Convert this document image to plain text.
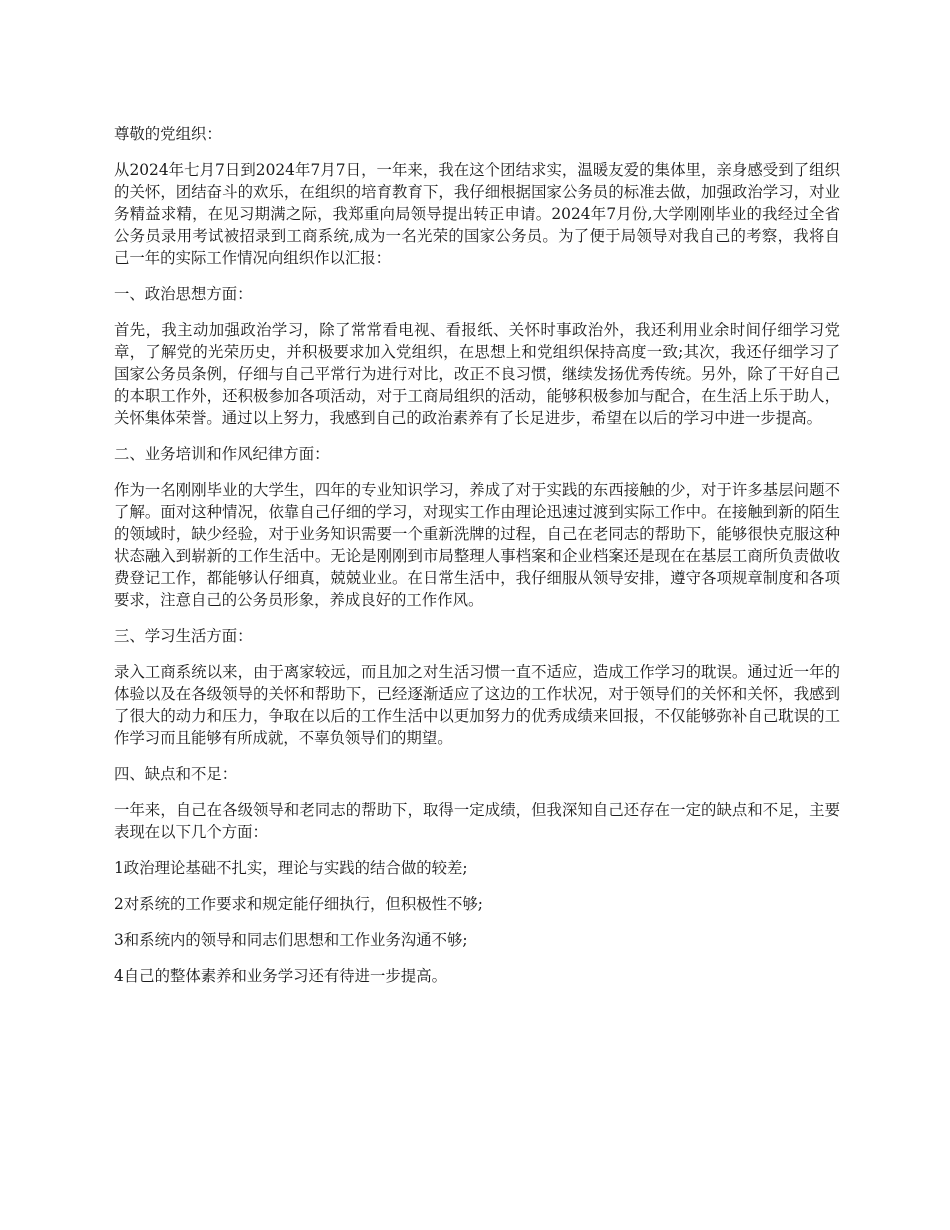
尊敬的党组织：

从2024年七月7日到2024年7月7日，一年来，我在这个团结求实，温暖友爱的集体里，亲身感受到了组织的关怀，团结奋斗的欢乐，在组织的培育教育下，我仔细根据国家公务员的标准去做，加强政治学习，对业务精益求精，在见习期满之际，我郑重向局领导提出转正申请。2024年7月份,大学刚刚毕业的我经过全省公务员录用考试被招录到工商系统,成为一名光荣的国家公务员。为了便于局领导对我自己的考察，我将自己一年的实际工作情况向组织作以汇报：

一、政治思想方面：

首先，我主动加强政治学习，除了常常看电视、看报纸、关怀时事政治外，我还利用业余时间仔细学习党章，了解党的光荣历史，并积极要求加入党组织，在思想上和党组织保持高度一致;其次，我还仔细学习了国家公务员条例，仔细与自己平常行为进行对比，改正不良习惯，继续发扬优秀传统。另外，除了干好自己的本职工作外，还积极参加各项活动，对于工商局组织的活动，能够积极参加与配合，在生活上乐于助人，关怀集体荣誉。通过以上努力，我感到自己的政治素养有了长足进步，希望在以后的学习中进一步提高。

二、业务培训和作风纪律方面：

作为一名刚刚毕业的大学生，四年的专业知识学习，养成了对于实践的东西接触的少，对于许多基层问题不了解。面对这种情况，依靠自己仔细的学习，对现实工作由理论迅速过渡到实际工作中。在接触到新的陌生的领域时，缺少经验，对于业务知识需要一个重新洗牌的过程，自己在老同志的帮助下，能够很快克服这种状态融入到崭新的工作生活中。无论是刚刚到市局整理人事档案和企业档案还是现在在基层工商所负责做收费登记工作，都能够认仔细真，兢兢业业。在日常生活中，我仔细服从领导安排，遵守各项规章制度和各项要求，注意自己的公务员形象，养成良好的工作作风。

三、学习生活方面：

录入工商系统以来，由于离家较远，而且加之对生活习惯一直不适应，造成工作学习的耽误。通过近一年的体验以及在各级领导的关怀和帮助下，已经逐渐适应了这边的工作状况，对于领导们的关怀和关怀，我感到了很大的动力和压力，争取在以后的工作生活中以更加努力的优秀成绩来回报，不仅能够弥补自己耽误的工作学习而且能够有所成就，不辜负领导们的期望。

四、缺点和不足：

一年来，自己在各级领导和老同志的帮助下，取得一定成绩，但我深知自己还存在一定的缺点和不足，主要表现在以下几个方面：

1政治理论基础不扎实，理论与实践的结合做的较差;

2对系统的工作要求和规定能仔细执行，但积极性不够;

3和系统内的领导和同志们思想和工作业务沟通不够;

4自己的整体素养和业务学习还有待进一步提高。
